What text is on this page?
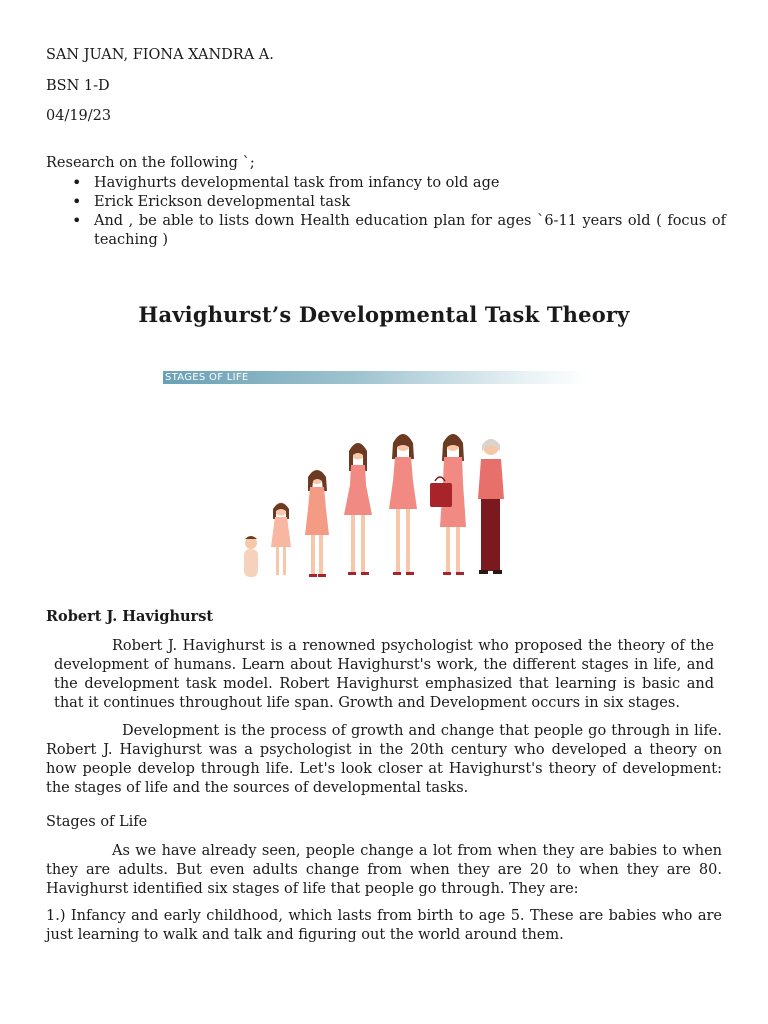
SAN JUAN, FIONA XANDRA A.
BSN 1-D
04/19/23
Research on the following `;
• Havighurts developmental task from infancy to old age
• Erick Erickson developmental task
• And , be able to lists down Health education plan for ages `6-11 years old ( focus of teaching )
Havighurst’s Developmental Task Theory
STAGES OF LIFE
Robert J. Havighurst
Robert J. Havighurst is a renowned psychologist who proposed the theory of the development of humans. Learn about Havighurst's work, the different stages in life, and the development task model. Robert Havighurst emphasized that learning is basic and that it continues throughout life span. Growth and Development occurs in six stages.
Development is the process of growth and change that people go through in life. Robert J. Havighurst was a psychologist in the 20th century who developed a theory on how people develop through life. Let's look closer at Havighurst's theory of development: the stages of life and the sources of developmental tasks.
Stages of Life
As we have already seen, people change a lot from when they are babies to when they are adults. But even adults change from when they are 20 to when they are 80. Havighurst identified six stages of life that people go through. They are:
1.) Infancy and early childhood, which lasts from birth to age 5. These are babies who are just learning to walk and talk and figuring out the world around them.
